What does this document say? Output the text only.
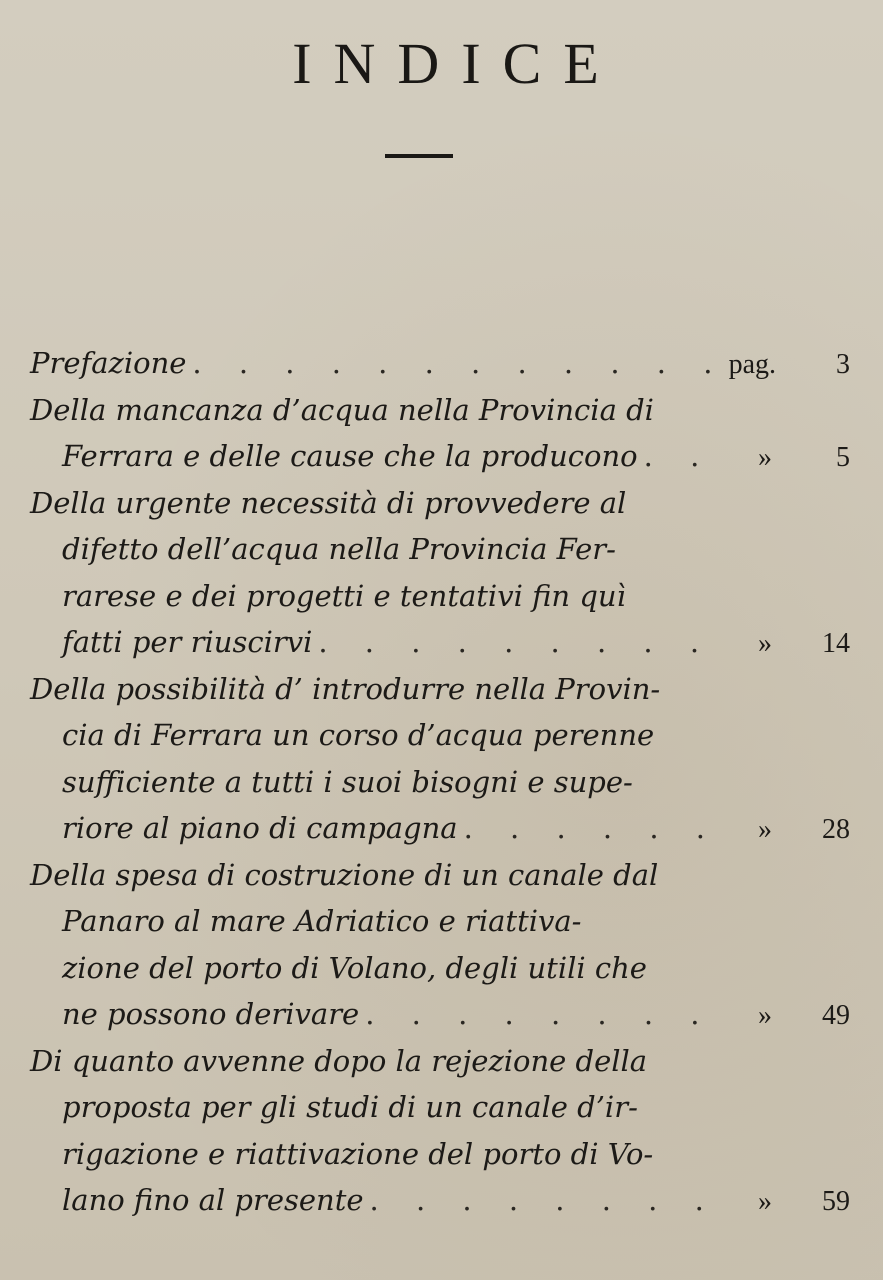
INDICE
Prefazione . . .	pag.	3
Della mancanza d’acqua nella Provincia di
Ferrara e delle cause che la producono . . .	»	5
Della urgente necessità di provvedere al
difetto dell’acqua nella Provincia Fer-
rarese e dei progetti e tentativi fin quì
fatti per riuscirvi . . .	»	14
Della possibilità d’ introdurre nella Provin-
cia di Ferrara un corso d’acqua perenne
sufficiente a tutti i suoi bisogni e supe-
riore al piano di campagna . . .	»	28
Della spesa di costruzione di un canale dal
Panaro al mare Adriatico e riattiva-
zione del porto di Volano, degli utili che
ne possono derivare . . .	»	49
Di quanto avvenne dopo la rejezione della
proposta per gli studi di un canale d’ir-
rigazione e riattivazione del porto di Vo-
lano fino al presente . . .	»	59
